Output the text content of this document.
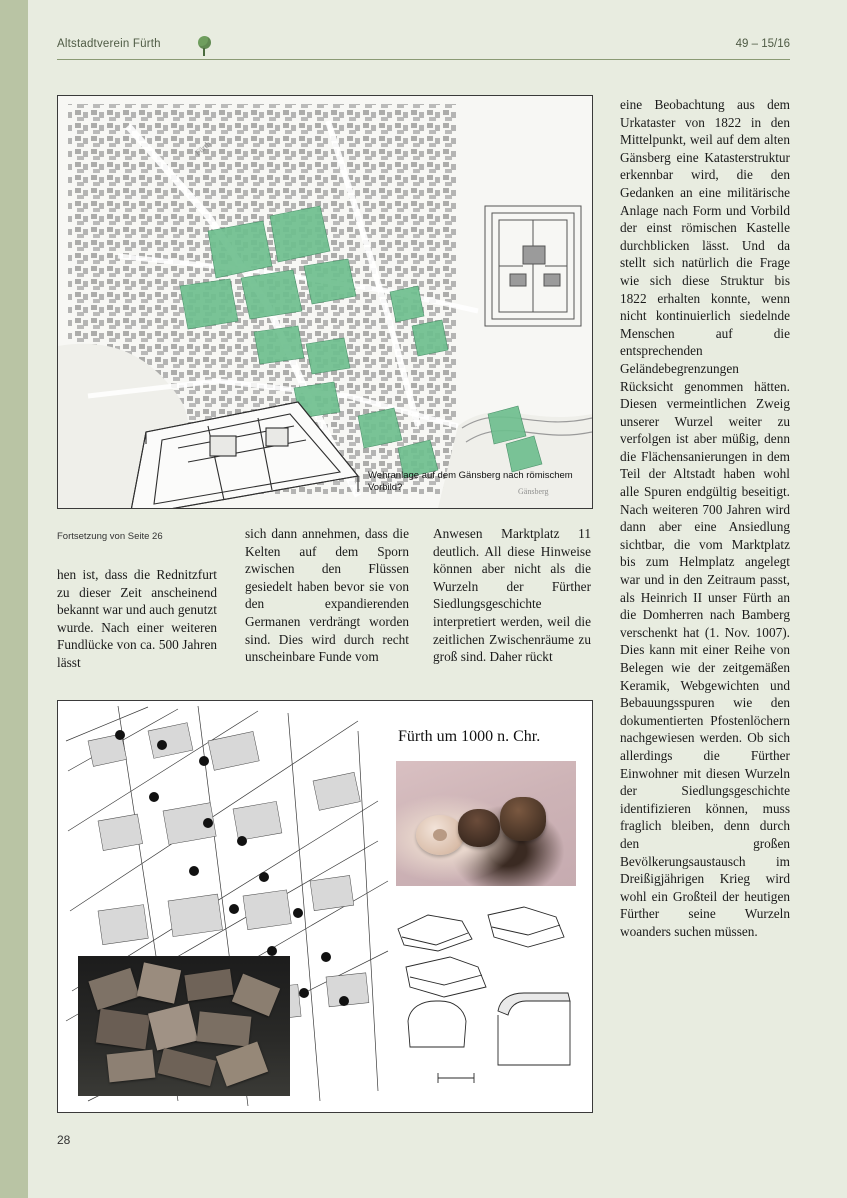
Altstadtverein Fürth	49 – 15/16
Fürth
Gänsberg
Wehranlage auf dem Gänsberg nach römischem Vorbild?
Fortsetzung von Seite 26
hen ist, dass die Rednitzfurt zu dieser Zeit anscheinend bekannt war und auch genutzt wurde. Nach einer weiteren Fundlücke von ca. 500 Jahren lässt
sich dann annehmen, dass die Kelten auf dem Sporn zwischen den Flüssen gesiedelt haben bevor sie von den expandierenden Germanen verdrängt worden sind. Dies wird durch recht unscheinbare Funde vom
Anwesen Marktplatz 11 deutlich. All diese Hinweise können aber nicht als die Wurzeln der Fürther Siedlungsgeschichte interpretiert werden, weil die zeitlichen Zwischenräume zu groß sind. Daher rückt
eine Beobachtung aus dem Urkataster von 1822 in den Mittelpunkt, weil auf dem alten Gänsberg eine Katasterstruktur erkennbar wird, die den Gedanken an eine militärische Anlage nach Form und Vorbild der einst römischen Kastelle durchblicken lässt. Und da stellt sich natürlich die Frage wie sich diese Struktur bis 1822 erhalten konnte, wenn nicht kontinuierlich siedelnde Menschen auf die entsprechenden Geländebegrenzungen Rücksicht genommen hätten. Diesen vermeintlichen Zweig unserer Wurzel weiter zu verfolgen ist aber müßig, denn die Flächensanierungen in dem Teil der Altstadt haben wohl alle Spuren endgültig beseitigt. Nach weiteren 700 Jahren wird dann aber eine Ansiedlung sichtbar, die vom Marktplatz bis zum Helmplatz angelegt war und in den Zeitraum passt, als Heinrich II unser Fürth an die Domherren nach Bamberg verschenkt hat (1. Nov. 1007). Dies kann mit einer Reihe von Belegen wie der zeitgemäßen Keramik, Webgewichten und Bebauungsspuren wie den dokumentierten Pfostenlöchern nachgewiesen werden. Ob sich allerdings die Fürther Einwohner mit diesen Wurzeln der Siedlungsgeschichte identifizieren können, muss fraglich bleiben, denn durch den großen Bevölkerungsaustausch im Dreißigjährigen Krieg wird wohl ein Großteil der heutigen Fürther seine Wurzeln woanders suchen müssen.
Fürth um 1000 n. Chr.
28
